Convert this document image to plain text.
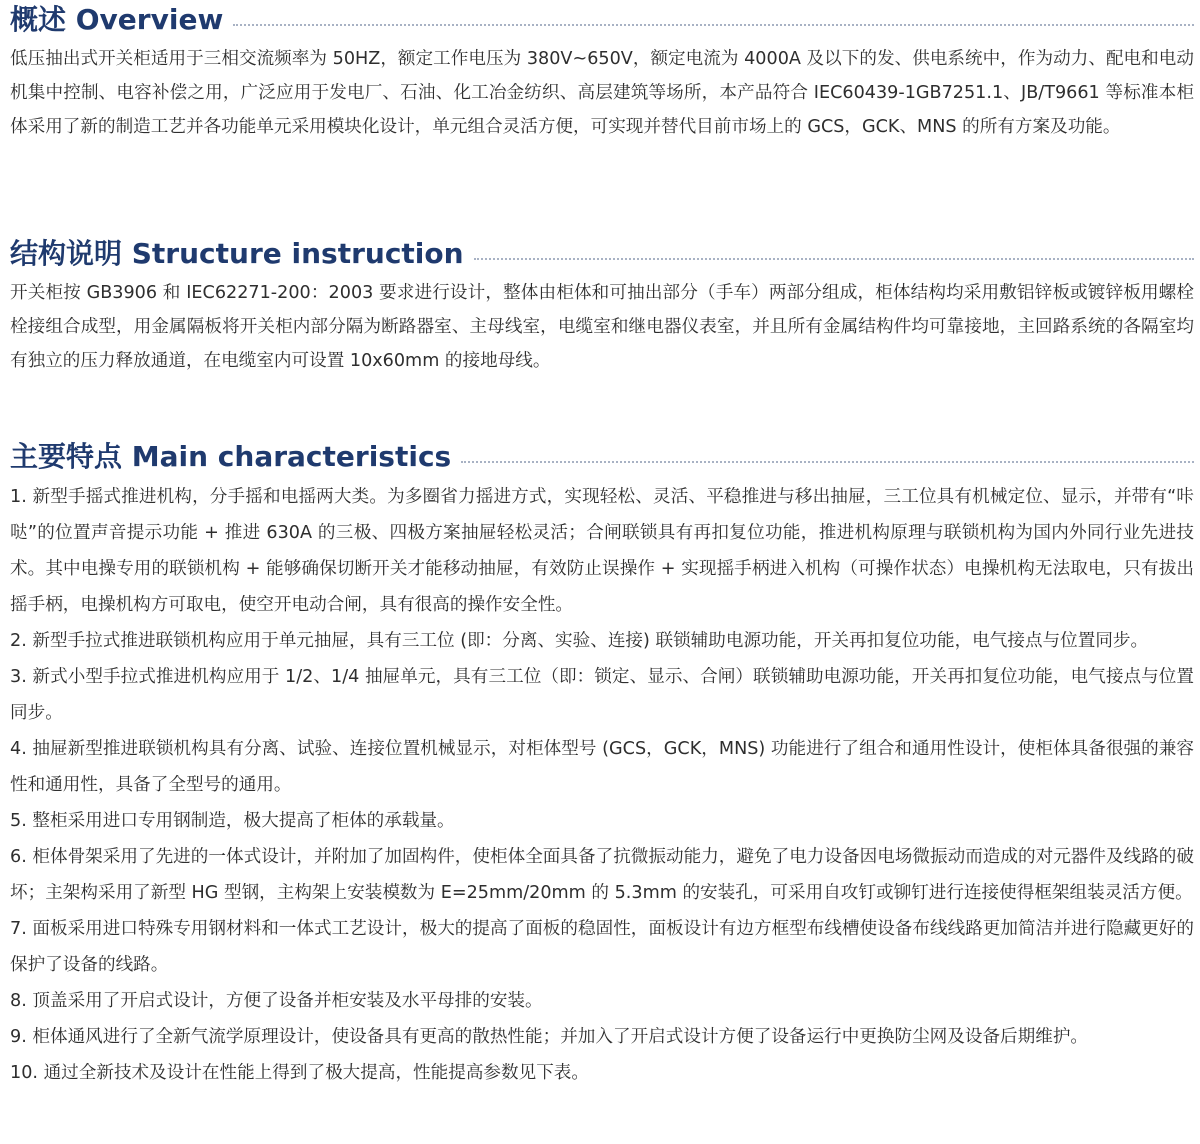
概述 Overview

低压抽出式开关柜适用于三相交流频率为 50HZ，额定工作电压为 380V~650V，额定电流为 4000A 及以下的发、供电系统中，作为动力、配电和电动机集中控制、电容补偿之用，广泛应用于发电厂、石油、化工冶金纺织、高层建筑等场所，本产品符合 IEC60439-1GB7251.1、JB/T9661 等标准本柜体采用了新的制造工艺并各功能单元采用模块化设计，单元组合灵活方便，可实现并替代目前市场上的 GCS，GCK、MNS 的所有方案及功能。

结构说明 Structure instruction

开关柜按 GB3906 和 IEC62271-200：2003 要求进行设计，整体由柜体和可抽出部分（手车）两部分组成，柜体结构均采用敷铝锌板或镀锌板用螺栓栓接组合成型，用金属隔板将开关柜内部分隔为断路器室、主母线室，电缆室和继电器仪表室，并且所有金属结构件均可靠接地，主回路系统的各隔室均有独立的压力释放通道，在电缆室内可设置 10x60mm 的接地母线。

主要特点 Main characteristics

1. 新型手摇式推进机构，分手摇和电摇两大类。为多圈省力摇进方式，实现轻松、灵活、平稳推进与移出抽屉，三工位具有机械定位、显示，并带有“咔哒”的位置声音提示功能 + 推进 630A 的三极、四极方案抽屉轻松灵活；合闸联锁具有再扣复位功能，推进机构原理与联锁机构为国内外同行业先进技术。其中电操专用的联锁机构 + 能够确保切断开关才能移动抽屉，有效防止误操作 + 实现摇手柄进入机构（可操作状态）电操机构无法取电，只有拔出摇手柄，电操机构方可取电，使空开电动合闸，具有很高的操作安全性。

2. 新型手拉式推进联锁机构应用于单元抽屉，具有三工位 (即：分离、实验、连接) 联锁辅助电源功能，开关再扣复位功能，电气接点与位置同步。

3. 新式小型手拉式推进机构应用于 1/2、1/4 抽屉单元，具有三工位（即：锁定、显示、合闸）联锁辅助电源功能，开关再扣复位功能，电气接点与位置同步。

4. 抽屉新型推进联锁机构具有分离、试验、连接位置机械显示，对柜体型号 (GCS，GCK，MNS) 功能进行了组合和通用性设计，使柜体具备很强的兼容性和通用性，具备了全型号的通用。

5. 整柜采用进口专用钢制造，极大提高了柜体的承载量。

6. 柜体骨架采用了先进的一体式设计，并附加了加固构件，使柜体全面具备了抗微振动能力，避免了电力设备因电场微振动而造成的对元器件及线路的破坏；主架构采用了新型 HG 型钢，主构架上安装模数为 E=25mm/20mm 的 5.3mm 的安装孔，可采用自攻钉或铆钉进行连接使得框架组装灵活方便。

7. 面板采用进口特殊专用钢材料和一体式工艺设计，极大的提高了面板的稳固性，面板设计有边方框型布线槽使设备布线线路更加简洁并进行隐藏更好的保护了设备的线路。

8. 顶盖采用了开启式设计，方便了设备并柜安装及水平母排的安装。

9. 柜体通风进行了全新气流学原理设计，使设备具有更高的散热性能；并加入了开启式设计方便了设备运行中更换防尘网及设备后期维护。

10. 通过全新技术及设计在性能上得到了极大提高，性能提高参数见下表。
